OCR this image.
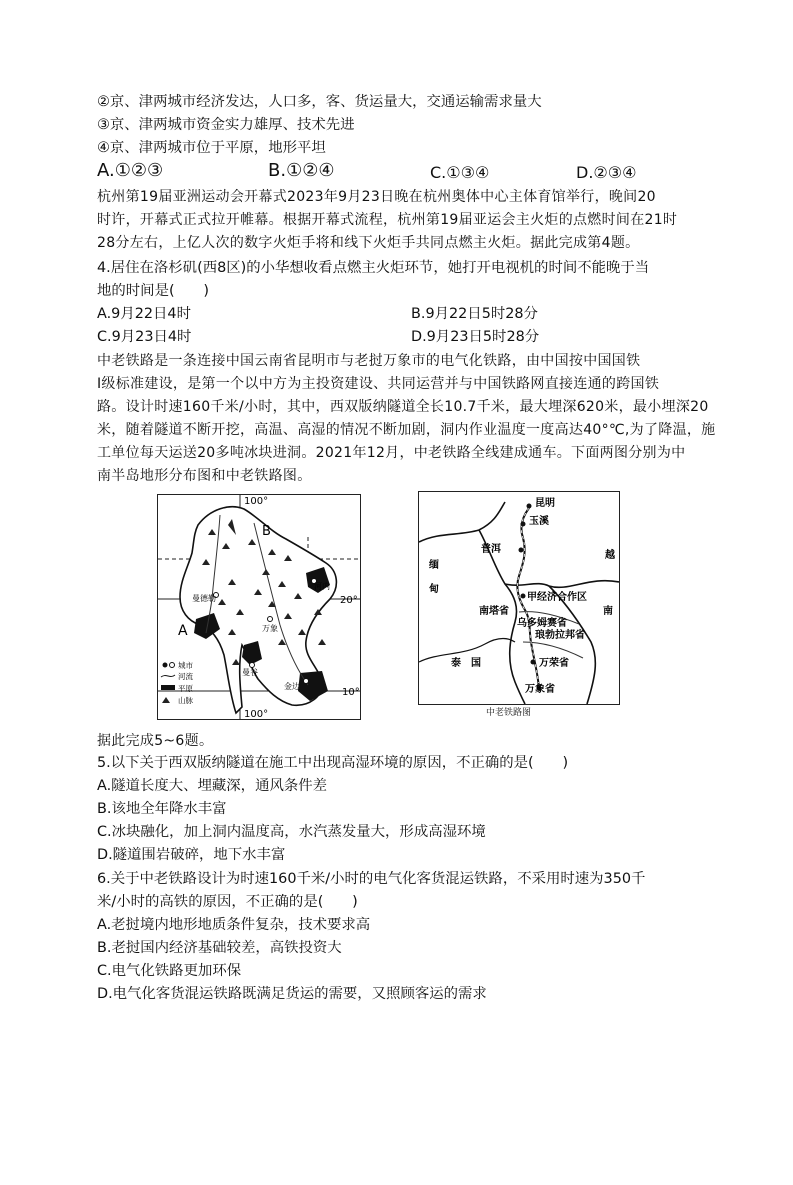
②京、津两城市经济发达，人口多，客、货运量大，交通运输需求量大
③京、津两城市资金实力雄厚、技术先进
④京、津两城市位于平原，地形平坦
A.①②③	B.①②④	C.①③④	D.②③④
杭州第19届亚洲运动会开幕式2023年9月23日晚在杭州奥体中心主体育馆举行，晚间20
时许，开幕式正式拉开帷幕。根据开幕式流程，杭州第19届亚运会主火炬的点燃时间在21时
28分左右，上亿人次的数字火炬手将和线下火炬手共同点燃主火炬。据此完成第4题。
4.居住在洛杉矶(西8区)的小华想收看点燃主火炬环节，她打开电视机的时间不能晚于当
地的时间是(　　)
A.9月22日4时	B.9月22日5时28分
C.9月23日4时	D.9月23日5时28分
中老铁路是一条连接中国云南省昆明市与老挝万象市的电气化铁路，由中国按中国国铁
Ⅰ级标准建设，是第一个以中方为主投资建设、共同运营并与中国铁路网直接连通的跨国铁
路。设计时速160千米/小时，其中，西双版纳隧道全长10.7千米，最大埋深620米，最小埋深20
米，随着隧道不断开挖，高温、高湿的情况不断加剧，洞内作业温度一度高达40°℃,为了降温，施
工单位每天运送20多吨冰块进洞。2021年12月，中老铁路全线建成通车。下面两图分别为中
南半岛地形分布图和中老铁路图。
100°
100°
20°
10°
A
B
曼德勒
河内
万象
曼谷
金边
城市
河流
平原
山脉
昆明
玉溪
普洱
缅
甸
越
南
甲经济合作区
南塔省
乌多姆赛省
琅勃拉邦省
万荣省
泰　国
万象省
中老铁路图
据此完成5~6题。
5.以下关于西双版纳隧道在施工中出现高湿环境的原因，不正确的是(　　)
A.隧道长度大、埋藏深，通风条件差
B.该地全年降水丰富
C.冰块融化，加上洞内温度高，水汽蒸发量大，形成高湿环境
D.隧道围岩破碎，地下水丰富
6.关于中老铁路设计为时速160千米/小时的电气化客货混运铁路，不采用时速为350千
米/小时的高铁的原因，不正确的是(　　)
A.老挝境内地形地质条件复杂，技术要求高
B.老挝国内经济基础较差，高铁投资大
C.电气化铁路更加环保
D.电气化客货混运铁路既满足货运的需要，又照顾客运的需求
